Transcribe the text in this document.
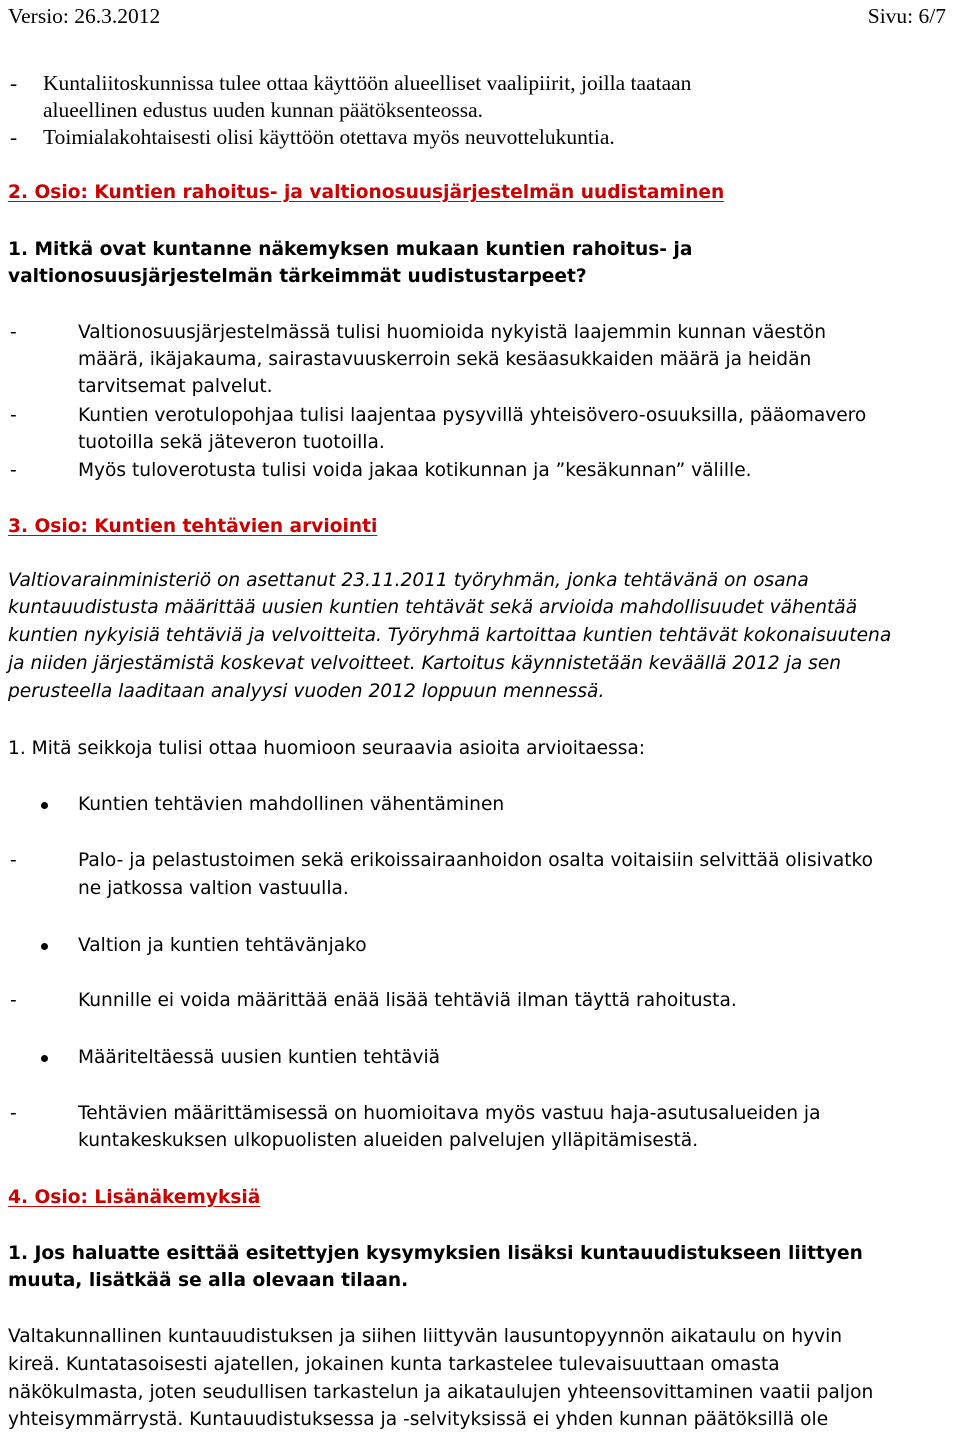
Versio: 26.3.2012	Sivu: 6/7
- Kuntaliitoskunnissa tulee ottaa käyttöön alueelliset vaalipiirit, joilla taataan
alueellinen edustus uuden kunnan päätöksenteossa.
- Toimialakohtaisesti olisi käyttöön otettava myös neuvottelukuntia.
2. Osio: Kuntien rahoitus- ja valtionosuusjärjestelmän uudistaminen
1. Mitkä ovat kuntanne näkemyksen mukaan kuntien rahoitus- ja
valtionosuusjärjestelmän tärkeimmät uudistustarpeet?
-	Valtionosuusjärjestelmässä tulisi huomioida nykyistä laajemmin kunnan väestön
määrä, ikäjakauma, sairastavuuskerroin sekä kesäasukkaiden määrä ja heidän
tarvitsemat palvelut.
-	Kuntien verotulopohjaa tulisi laajentaa pysyvillä yhteisövero-osuuksilla, pääomavero
tuotoilla sekä jäteveron tuotoilla.
-	Myös tuloverotusta tulisi voida jakaa kotikunnan ja ”kesäkunnan” välille.
3. Osio: Kuntien tehtävien arviointi
Valtiovarainministeriö on asettanut 23.11.2011 työryhmän, jonka tehtävänä on osana
kuntauudistusta määrittää uusien kuntien tehtävät sekä arvioida mahdollisuudet vähentää
kuntien nykyisiä tehtäviä ja velvoitteita. Työryhmä kartoittaa kuntien tehtävät kokonaisuutena
ja niiden järjestämistä koskevat velvoitteet. Kartoitus käynnistetään keväällä 2012 ja sen
perusteella laaditaan analyysi vuoden 2012 loppuun mennessä.
1. Mitä seikkoja tulisi ottaa huomioon seuraavia asioita arvioitaessa:
Kuntien tehtävien mahdollinen vähentäminen
-	Palo- ja pelastustoimen sekä erikoissairaanhoidon osalta voitaisiin selvittää olisivatko
ne jatkossa valtion vastuulla.
Valtion ja kuntien tehtävänjako
-	Kunnille ei voida määrittää enää lisää tehtäviä ilman täyttä rahoitusta.
Määriteltäessä uusien kuntien tehtäviä
-	Tehtävien määrittämisessä on huomioitava myös vastuu haja-asutusalueiden ja
kuntakeskuksen ulkopuolisten alueiden palvelujen ylläpitämisestä.
4. Osio: Lisänäkemyksiä
1. Jos haluatte esittää esitettyjen kysymyksien lisäksi kuntauudistukseen liittyen
muuta, lisätkää se alla olevaan tilaan.
Valtakunnallinen kuntauudistuksen ja siihen liittyvän lausuntopyynnön aikataulu on hyvin
kireä. Kuntatasoisesti ajatellen, jokainen kunta tarkastelee tulevaisuuttaan omasta
näkökulmasta, joten seudullisen tarkastelun ja aikataulujen yhteensovittaminen vaatii paljon
yhteisymmärrystä. Kuntauudistuksessa ja -selvityksissä ei yhden kunnan päätöksillä ole
